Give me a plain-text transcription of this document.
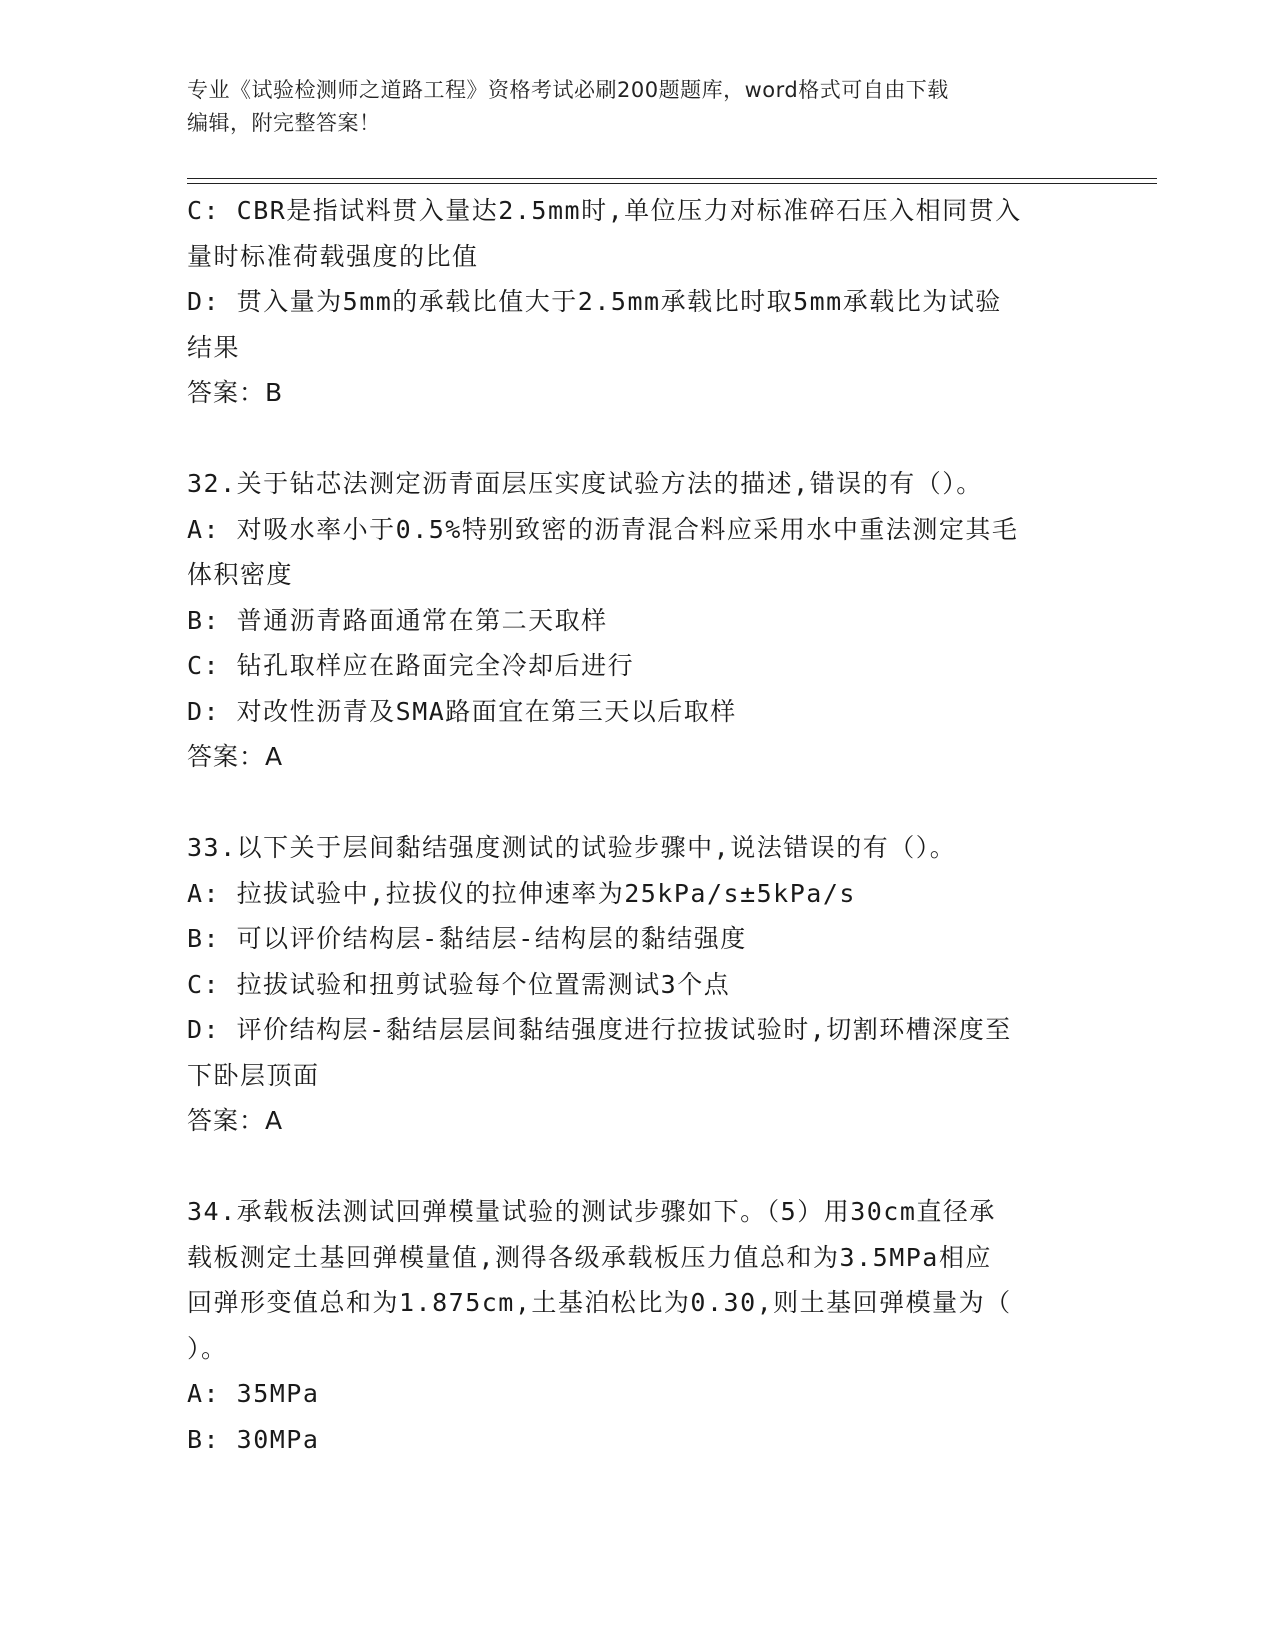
专业《试验检测师之道路工程》资格考试必刷200题题库，word格式可自由下载
编辑，附完整答案！
C: CBR是指试料贯入量达2.5mm时,单位压力对标准碎石压入相同贯入
量时标准荷载强度的比值
D: 贯入量为5mm的承载比值大于2.5mm承载比时取5mm承载比为试验
结果
答案：B
32.关于钻芯法测定沥青面层压实度试验方法的描述,错误的有（）。
A: 对吸水率小于0.5%特别致密的沥青混合料应采用水中重法测定其毛
体积密度
B: 普通沥青路面通常在第二天取样
C: 钻孔取样应在路面完全冷却后进行
D: 对改性沥青及SMA路面宜在第三天以后取样
答案：A
33.以下关于层间黏结强度测试的试验步骤中,说法错误的有（）。
A: 拉拔试验中,拉拔仪的拉伸速率为25kPa/s±5kPa/s
B: 可以评价结构层-黏结层-结构层的黏结强度
C: 拉拔试验和扭剪试验每个位置需测试3个点
D: 评价结构层-黏结层层间黏结强度进行拉拔试验时,切割环槽深度至
下卧层顶面
答案：A
34.承载板法测试回弹模量试验的测试步骤如下。（5）用30cm直径承
载板测定土基回弹模量值,测得各级承载板压力值总和为3.5MPa相应
回弹形变值总和为1.875cm,土基泊松比为0.30,则土基回弹模量为（
）。
A: 35MPa
B: 30MPa
